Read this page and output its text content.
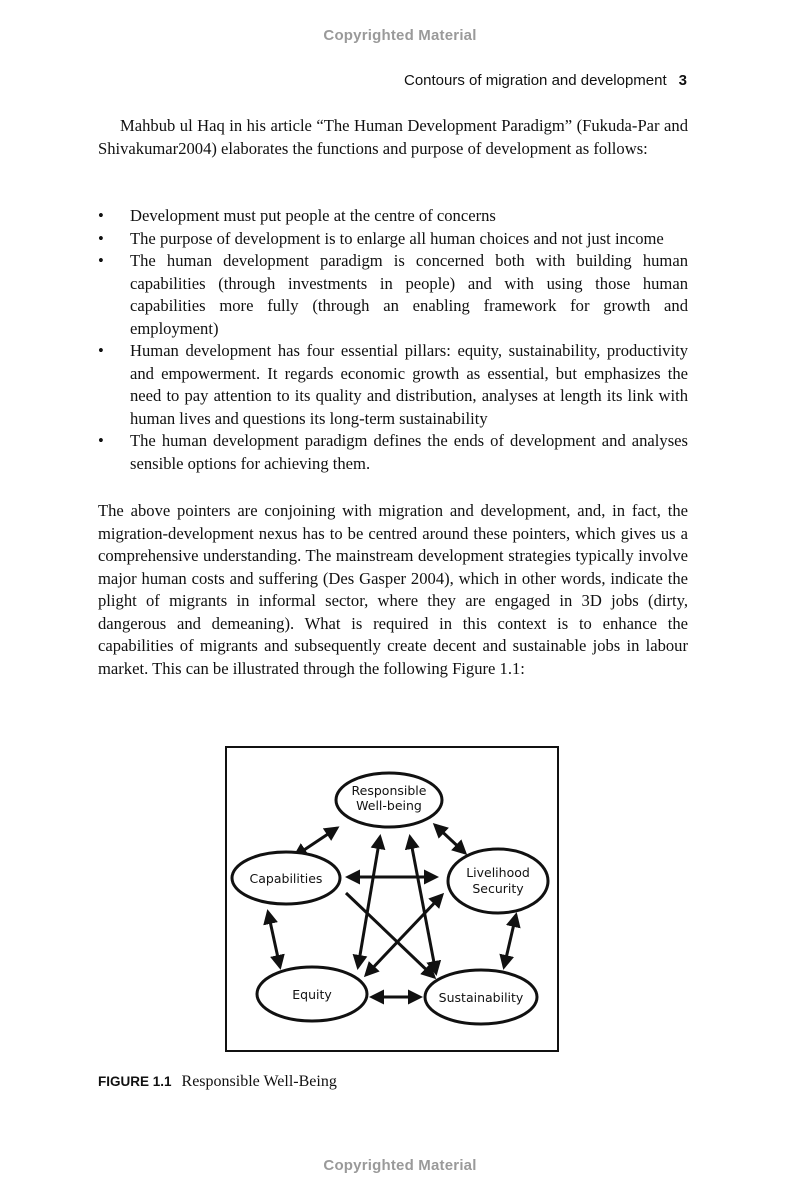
Copyrighted Material
Contours of migration and development 3
Mahbub ul Haq in his article “The Human Development Paradigm” (Fukuda-Par and Shivakumar2004) elaborates the functions and purpose of development as follows:
• Development must put people at the centre of concerns
• The purpose of development is to enlarge all human choices and not just income
• The human development paradigm is concerned both with building human capabilities (through investments in people) and with using those human capabilities more fully (through an enabling framework for growth and employment)
• Human development has four essential pillars: equity, sustainability, productivity and empowerment. It regards economic growth as essential, but emphasizes the need to pay attention to its quality and distribution, analyses at length its link with human lives and questions its long-term sustainability
• The human development paradigm defines the ends of development and analyses sensible options for achieving them.
The above pointers are conjoining with migration and development, and, in fact, the migration-development nexus has to be centred around these pointers, which gives us a comprehensive understanding. The mainstream development strategies typically involve major human costs and suffering (Des Gasper 2004), which in other words, indicate the plight of migrants in informal sector, where they are engaged in 3D jobs (dirty, dangerous and demeaning). What is required in this context is to enhance the capabilities of migrants and subsequently create decent and sustainable jobs in labour market. This can be illustrated through the following Figure 1.1:
Responsible
Well-being
Capabilities	Livelihood
Security
Equity	Sustainability
FIGURE 1.1 Responsible Well-Being
Copyrighted Material
